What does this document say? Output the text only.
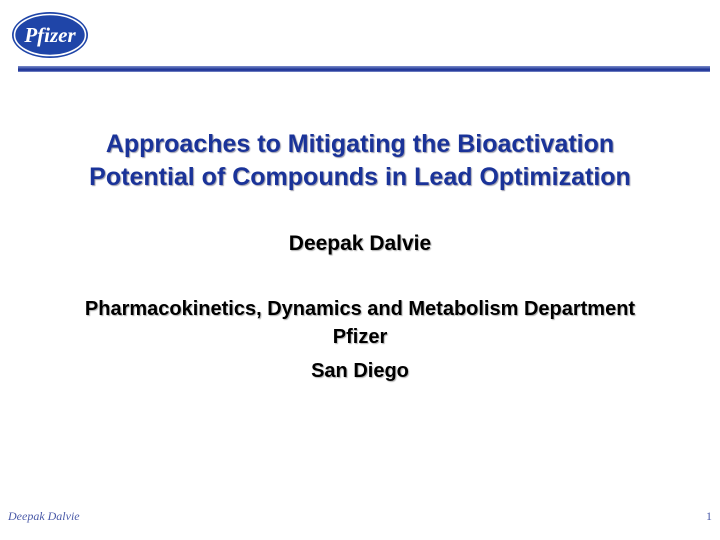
Pfizer
Approaches to Mitigating the Bioactivation
Potential of Compounds in Lead Optimization
Deepak Dalvie
Pharmacokinetics, Dynamics and Metabolism Department
Pfizer
San Diego
Deepak Dalvie	1
